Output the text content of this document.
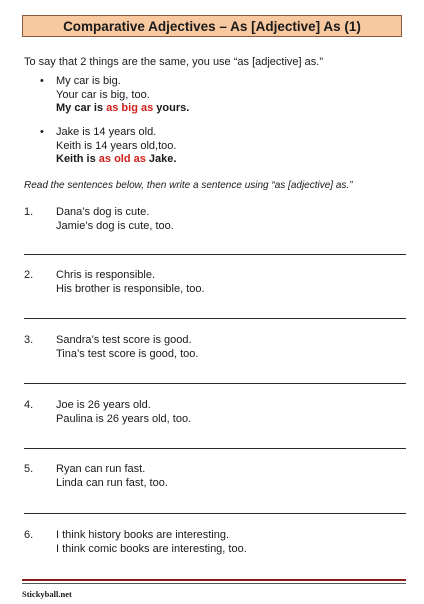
Comparative Adjectives – As [Adjective] As (1)
To say that 2 things are the same, you use “as [adjective] as.”
• My car is big.
Your car is big, too.
My car is as big as yours.
• Jake is 14 years old.
Keith is 14 years old,too.
Keith is as old as Jake.
Read the sentences below, then write a sentence using “as [adjective] as.”
1. Dana’s dog is cute.
Jamie’s dog is cute, too.
2. Chris is responsible.
His brother is responsible, too.
3. Sandra’s test score is good.
Tina’s test score is good, too.
4. Joe is 26 years old.
Paulina is 26 years old, too.
5. Ryan can run fast.
Linda can run fast, too.
6. I think history books are interesting.
I think comic books are interesting, too.
Stickyball.net
